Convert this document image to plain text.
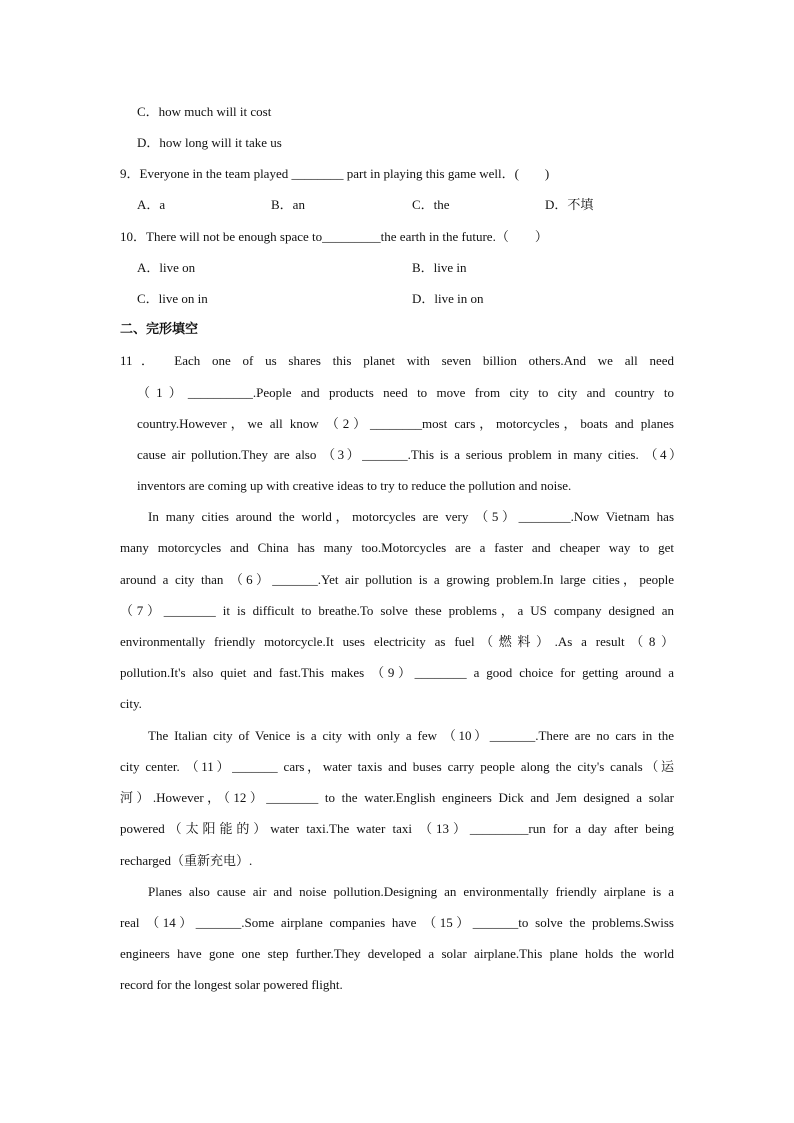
C．how much will it cost
D．how long will it take us
9．Everyone in the team played ________ part in playing this game well．(　　)
A．a	B．an	C．the	D．不填
10．There will not be enough space to_________the earth in the future.（　　）
A．live on	B．live in
C．live on in	D．live in on
二、完形填空
11． Each one of us shares this planet with seven billion others.And we all need
（1）__________.People and products need to move from city to city and country to
country.However，we all know （2）________most cars，motorcycles，boats and planes
cause air pollution.They are also （3）_______.This is a serious problem in many cities. （4）
inventors are coming up with creative ideas to try to reduce the pollution and noise.
In many cities around the world，motorcycles are very （5）________.Now Vietnam has
many motorcycles and China has many too.Motorcycles are a faster and cheaper way to get
around a city than （6）_______.Yet air pollution is a growing problem.In large cities，people
（7）________ it is difficult to breathe.To solve these problems，a US company designed an
environmentally friendly motorcycle.It uses electricity as fuel（燃料）.As a result（8）
pollution.It's also quiet and fast.This makes （9）________ a good choice for getting around a
city.
The Italian city of Venice is a city with only a few （10）_______.There are no cars in the
city center. （11）_______ cars，water taxis and buses carry people along the city's canals（运
河）.However，（12）________ to the water.English engineers Dick and Jem designed a solar
powered（太阳能的）water taxi.The water taxi （13）_________run for a day after being
recharged（重新充电）.
Planes also cause air and noise pollution.Designing an environmentally friendly airplane is a
real （14）_______.Some airplane companies have （15）_______to solve the problems.Swiss
engineers have gone one step further.They developed a solar airplane.This plane holds the world
record for the longest solar powered flight.
